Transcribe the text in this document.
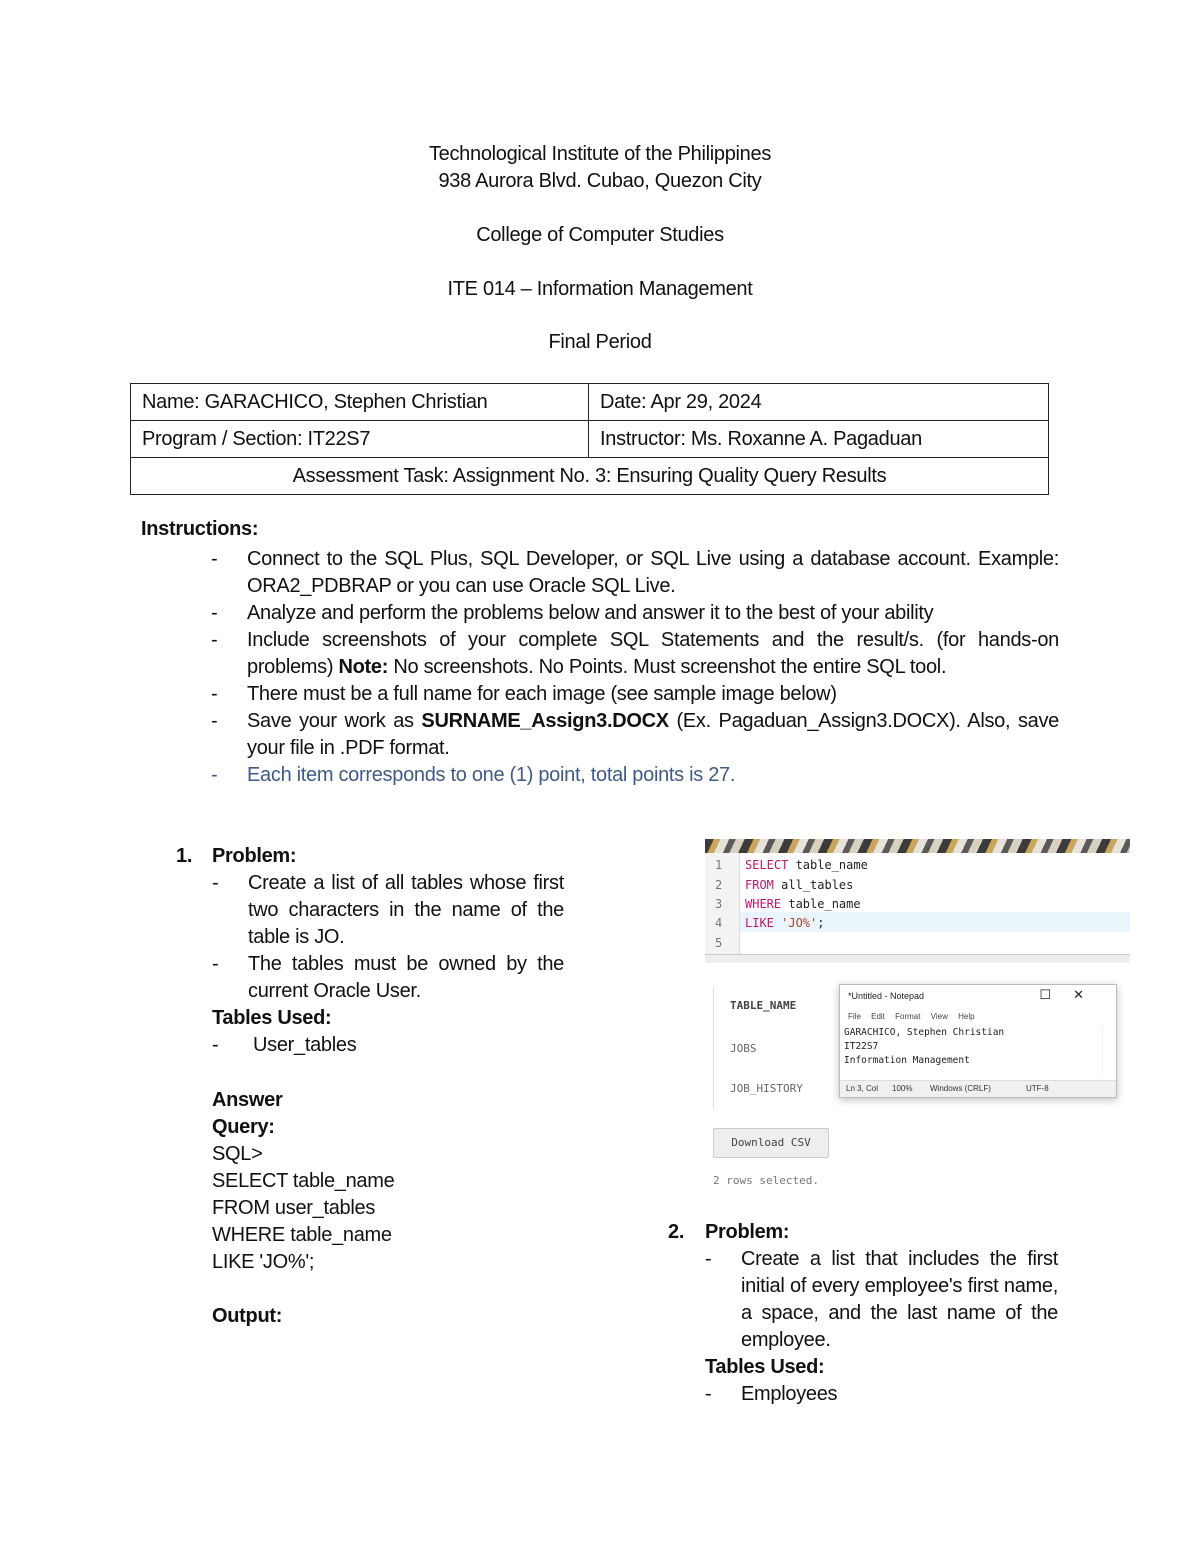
Technological Institute of the Philippines
938 Aurora Blvd. Cubao, Quezon City
College of Computer Studies
ITE 014 – Information Management
Final Period
Name: GARACHICO, Stephen Christian	Date: Apr 29, 2024
Program / Section: IT22S7	Instructor: Ms. Roxanne A. Pagaduan
Assessment Task: Assignment No. 3: Ensuring Quality Query Results	
Instructions:
- Connect to the SQL Plus, SQL Developer, or SQL Live using a database account. Example: ORA2_PDBRAP or you can use Oracle SQL Live.
- Analyze and perform the problems below and answer it to the best of your ability
- Include screenshots of your complete SQL Statements and the result/s. (for hands-on problems) Note: No screenshots. No Points. Must screenshot the entire SQL tool.
- There must be a full name for each image (see sample image below)
- Save your work as SURNAME_Assign3.DOCX (Ex. Pagaduan_Assign3.DOCX). Also, save your file in .PDF format.
- Each item corresponds to one (1) point, total points is 27.
1. Problem:
- Create a list of all tables whose first two characters in the name of the table is JO.
- The tables must be owned by the current Oracle User.
Tables Used:
- User_tables
Answer
Query:
SQL>
SELECT table_name
FROM user_tables
WHERE table_name
LIKE 'JO%';
Output:
1
2
3
4
5
SELECT table_name
FROM all_tables
WHERE table_name
LIKE 'JO%';
TABLE_NAME
JOBS
JOB_HISTORY
*Untitled - Notepad	☐✕
File Edit Format View Help
GARACHICO, Stephen Christian
IT22S7
Information Management
Ln 3, Col 100% Windows (CRLF)	UTF-8
Download CSV
2 rows selected.
2. Problem:
- Create a list that includes the first initial of every employee's first name, a space, and the last name of the employee.
Tables Used:
- Employees
